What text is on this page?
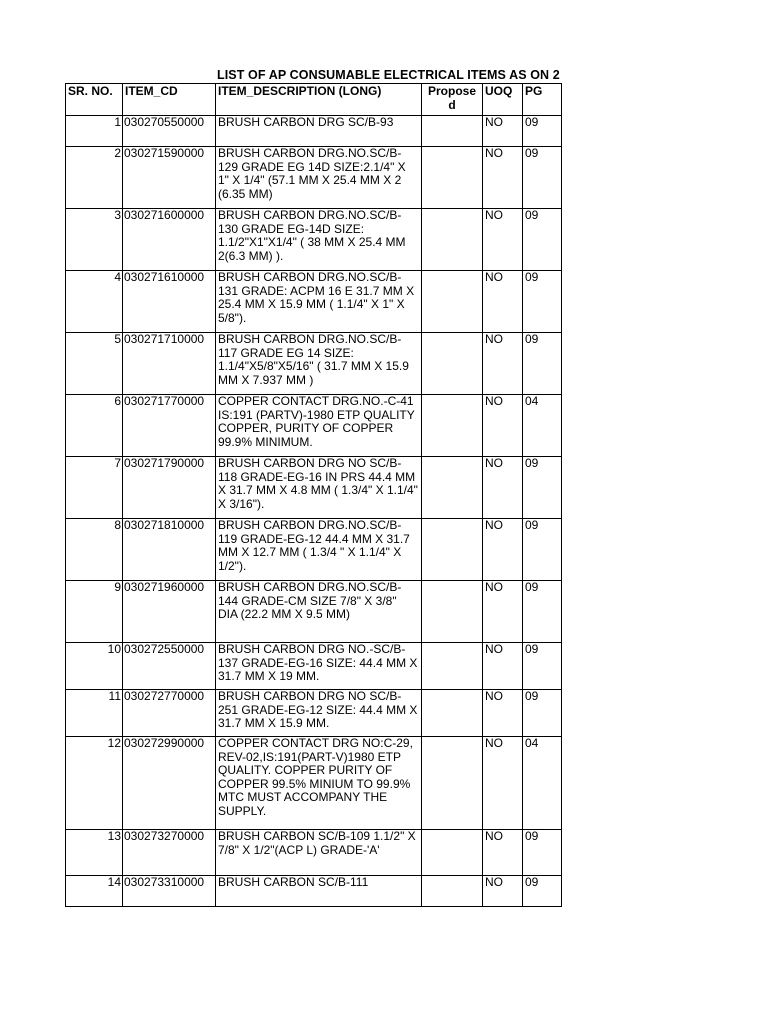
LIST OF AP CONSUMABLE ELECTRICAL ITEMS AS ON 2
SR. NO.	ITEM_CD	ITEM_DESCRIPTION (LONG)	Propose d	UOQ	PG
1	030270550000	BRUSH CARBON DRG SC/B-93		NO	09
2	030271590000	BRUSH CARBON DRG.NO.SC/B-129 GRADE EG 14D SIZE:2.1/4" X 1" X 1/4" (57.1 MM X 25.4 MM X 2 (6.35 MM)		NO	09
3	030271600000	BRUSH CARBON DRG.NO.SC/B-130 GRADE EG-14D SIZE: 1.1/2"X1"X1/4" ( 38 MM X 25.4 MM 2(6.3 MM) ).		NO	09
4	030271610000	BRUSH CARBON DRG.NO.SC/B-131 GRADE: ACPM 16 E 31.7 MM X 25.4 MM X 15.9 MM ( 1.1/4" X 1" X 5/8").		NO	09
5	030271710000	BRUSH CARBON DRG.NO.SC/B-117 GRADE EG 14 SIZE: 1.1/4"X5/8"X5/16" ( 31.7 MM X 15.9 MM X 7.937 MM )		NO	09
6	030271770000	COPPER CONTACT DRG.NO.-C-41 IS:191 (PARTV)-1980 ETP QUALITY COPPER, PURITY OF COPPER 99.9% MINIMUM.		NO	04
7	030271790000	BRUSH CARBON DRG NO SC/B-118 GRADE-EG-16 IN PRS 44.4 MM X 31.7 MM X 4.8 MM ( 1.3/4" X 1.1/4" X 3/16").		NO	09
8	030271810000	BRUSH CARBON DRG.NO.SC/B-119 GRADE-EG-12 44.4 MM X 31.7 MM X 12.7 MM ( 1.3/4 " X 1.1/4" X 1/2").		NO	09
9	030271960000	BRUSH CARBON DRG.NO.SC/B-144 GRADE-CM SIZE 7/8" X 3/8" DIA (22.2 MM X 9.5 MM)		NO	09
10	030272550000	BRUSH CARBON DRG NO.-SC/B-137 GRADE-EG-16 SIZE: 44.4 MM X 31.7 MM X 19 MM.		NO	09
11	030272770000	BRUSH CARBON DRG NO SC/B-251 GRADE-EG-12 SIZE: 44.4 MM X 31.7 MM X 15.9 MM.		NO	09
12	030272990000	COPPER CONTACT DRG NO:C-29, REV-02,IS:191(PART-V)1980 ETP QUALITY. COPPER PURITY OF COPPER 99.5% MINIUM TO 99.9% MTC MUST ACCOMPANY THE SUPPLY.		NO	04
13	030273270000	BRUSH CARBON SC/B-109 1.1/2" X 7/8" X 1/2"(ACP L) GRADE-'A'		NO	09
14	030273310000	BRUSH CARBON SC/B-111		NO	09
